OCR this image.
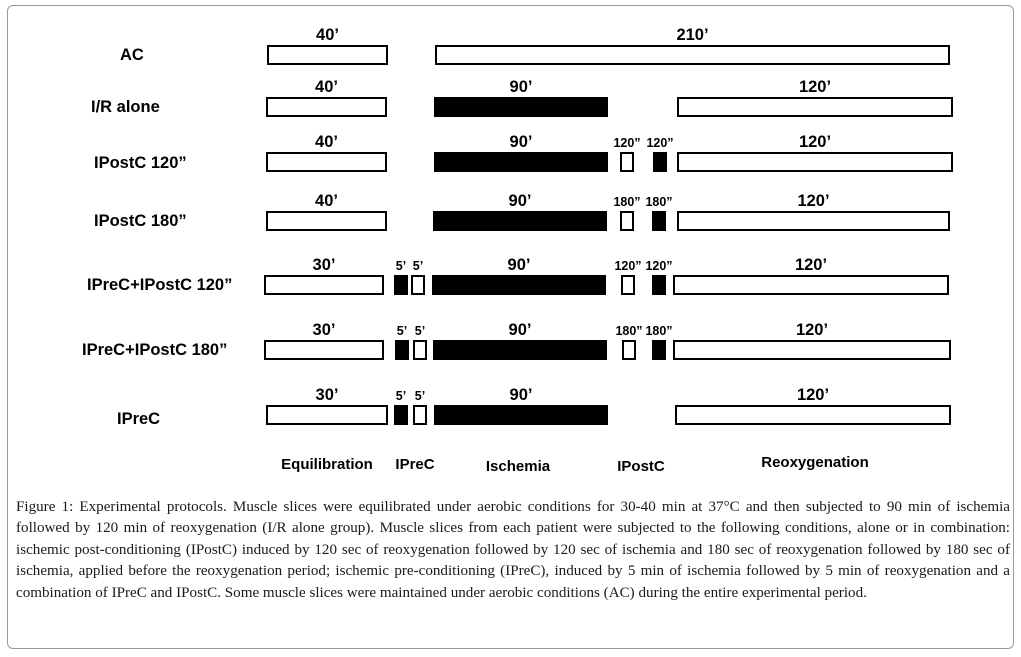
AC
40’	210’
I/R alone
40’	90’	120’
IPostC 120”
40’	90’	120” 120”	120’
IPostC 180”
40’	90’	180” 180”	120’
IPreC+IPostC 120”
30’	5’ 5’	90’	120” 120”	120’
IPreC+IPostC 180”
30’	5’ 5’	90’	180” 180”	120’
IPreC
30’	5’ 5’	90’	120’
Equilibration IPreC	Ischemia	IPostC	Reoxygenation
Figure 1: Experimental protocols. Muscle slices were equilibrated under aerobic conditions for 30-40 min at 37°C and then subjected to 90 min of ischemia followed by 120 min of reoxygenation (I/R alone group). Muscle slices from each patient were subjected to the following conditions, alone or in combination: ischemic post-conditioning (IPostC) induced by 120 sec of reoxygenation followed by 120 sec of ischemia and 180 sec of reoxygenation followed by 180 sec of ischemia, applied before the reoxygenation period; ischemic pre-conditioning (IPreC), induced by 5 min of ischemia followed by 5 min of reoxygenation and a combination of IPreC and IPostC. Some muscle slices were maintained under aerobic conditions (AC) during the entire experimental period.
